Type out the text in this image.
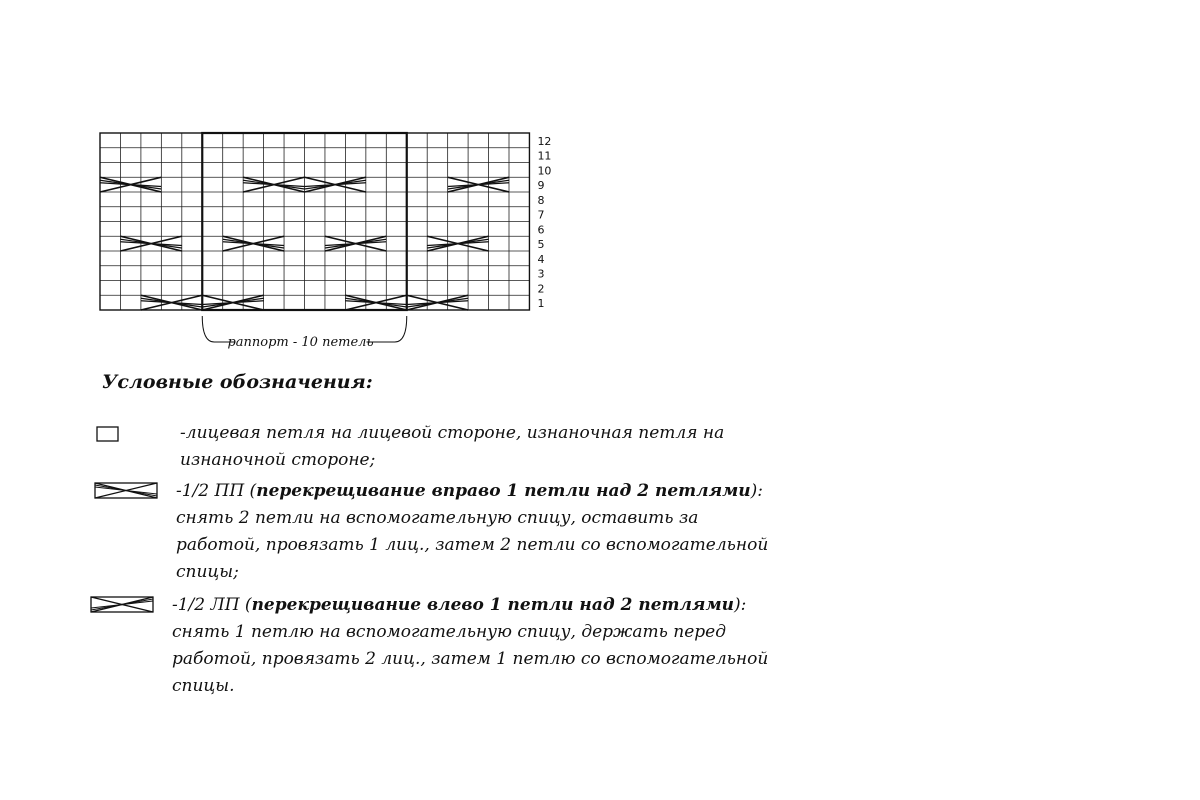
раппорт - 10 петель
12
11
10
9
8
7
6
5
4
3
2
1
Условные обозначения:

-лицевая петля на лицевой стороне, изнаночная петля на

изнаночной стороне;

-1/2 ПП (перекрещивание вправо 1 петли над 2 петлями):

снять 2 петли на вспомогательную спицу, оставить за

работой, провязать 1 лиц., затем 2 петли со вспомогательной

спицы;

-1/2 ЛП (перекрещивание влево 1 петли над 2 петлями):

снять 1 петлю на вспомогательную спицу, держать перед

работой, провязать 2 лиц., затем 1 петлю со вспомогательной

спицы.
